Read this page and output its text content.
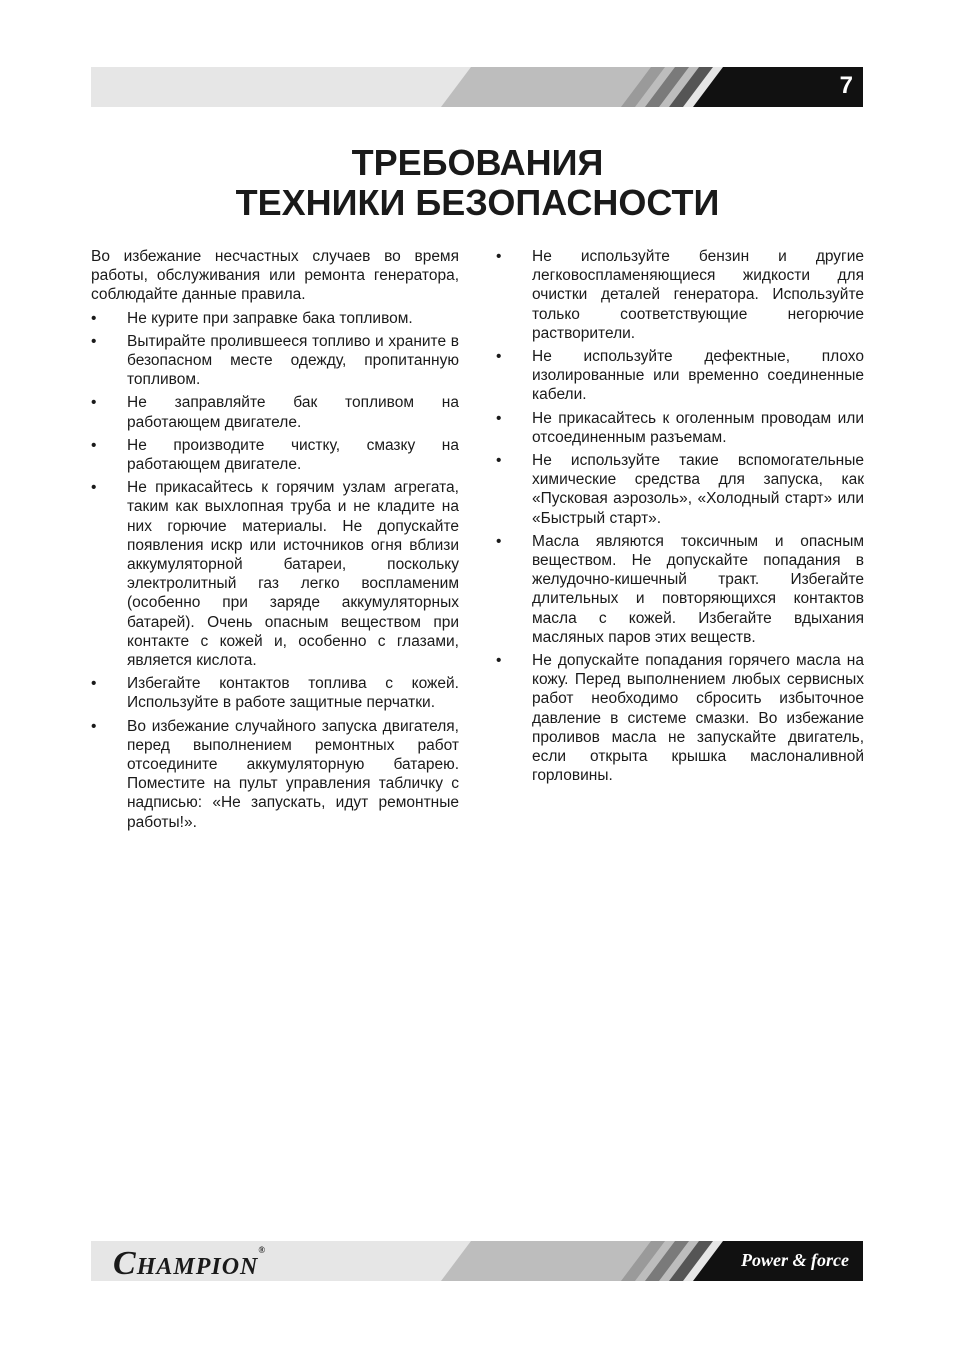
7
ТРЕБОВАНИЯ
ТЕХНИКИ БЕЗОПАСНОСТИ

Во избежание несчастных случаев во время работы, обслуживания или ремонта генератора, соблюдайте данные правила.

• Не курите при заправке бака топливом.
• Вытирайте пролившееся топливо и храните в безопасном месте одежду, пропитанную топливом.
• Не заправляйте бак топливом на работающем двигателе.
• Не производите чистку, смазку на работающем двигателе.
• Не прикасайтесь к горячим узлам агрегата, таким как выхлопная труба и не кладите на них горючие материалы. Не допускайте появления искр или источников огня вблизи аккумуляторной батареи, поскольку электролитный газ легко воспламеним (особенно при заряде аккумуляторных батарей). Очень опасным веществом при контакте с кожей и, особенно с глазами, является кислота.
• Избегайте контактов топлива с кожей. Используйте в работе защитные перчатки.
• Во избежание случайного запуска двигателя, перед выполнением ремонтных работ отсоедините аккумуляторную батарею. Поместите на пульт управления табличку с надписью: «Не запускать, идут ремонтные работы!».
• Не используйте бензин и другие легковоспламеняющиеся жидкости для очистки деталей генератора. Используйте только соответствующие негорючие растворители.
• Не используйте дефектные, плохо изолированные или временно соединенные кабели.
• Не прикасайтесь к оголенным проводам или отсоединенным разъемам.
• Не используйте такие вспомогательные химические средства для запуска, как «Пусковая аэрозоль», «Холодный старт» или «Быстрый старт».
• Масла являются токсичным и опасным веществом. Не допускайте попадания в желудочно-кишечный тракт. Избегайте длительных и повторяющихся контактов масла с кожей. Избегайте вдыхания масляных паров этих веществ.
• Не допускайте попадания горячего масла на кожу. Перед выполнением любых сервисных работ необходимо сбросить избыточное давление в системе смазки. Во избежание проливов масла не запускайте двигатель, если открыта крышка маслоналивной горловины.
CHAMPION®	Power & force
